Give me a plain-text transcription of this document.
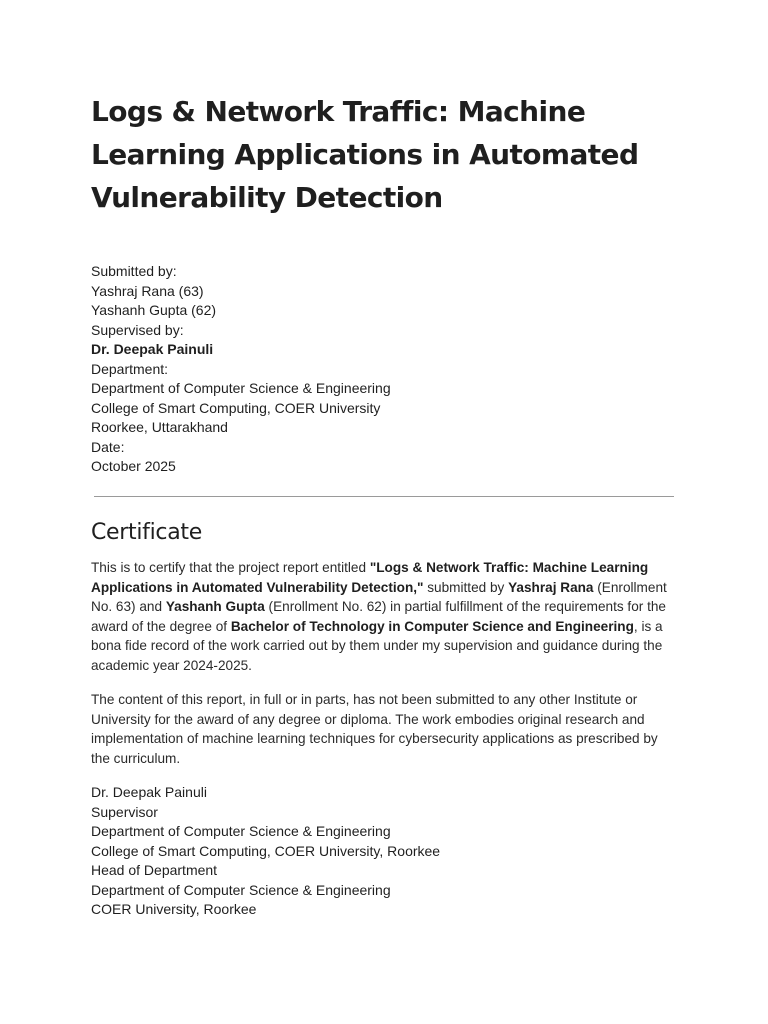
Logs & Network Traffic: Machine Learning Applications in Automated Vulnerability Detection
Submitted by:
Yashraj Rana (63)
Yashanh Gupta (62)
Supervised by:
Dr. Deepak Painuli
Department:
Department of Computer Science & Engineering
College of Smart Computing, COER University
Roorkee, Uttarakhand
Date:
October 2025
Certificate

This is to certify that the project report entitled "Logs & Network Traffic: Machine Learning Applications in Automated Vulnerability Detection," submitted by Yashraj Rana (Enrollment No. 63) and Yashanh Gupta (Enrollment No. 62) in partial fulfillment of the requirements for the award of the degree of Bachelor of Technology in Computer Science and Engineering, is a bona fide record of the work carried out by them under my supervision and guidance during the academic year 2024-2025.

The content of this report, in full or in parts, has not been submitted to any other Institute or University for the award of any degree or diploma. The work embodies original research and implementation of machine learning techniques for cybersecurity applications as prescribed by the curriculum.

Dr. Deepak Painuli
Supervisor
Department of Computer Science & Engineering
College of Smart Computing, COER University, Roorkee
Head of Department
Department of Computer Science & Engineering
COER University, Roorkee
